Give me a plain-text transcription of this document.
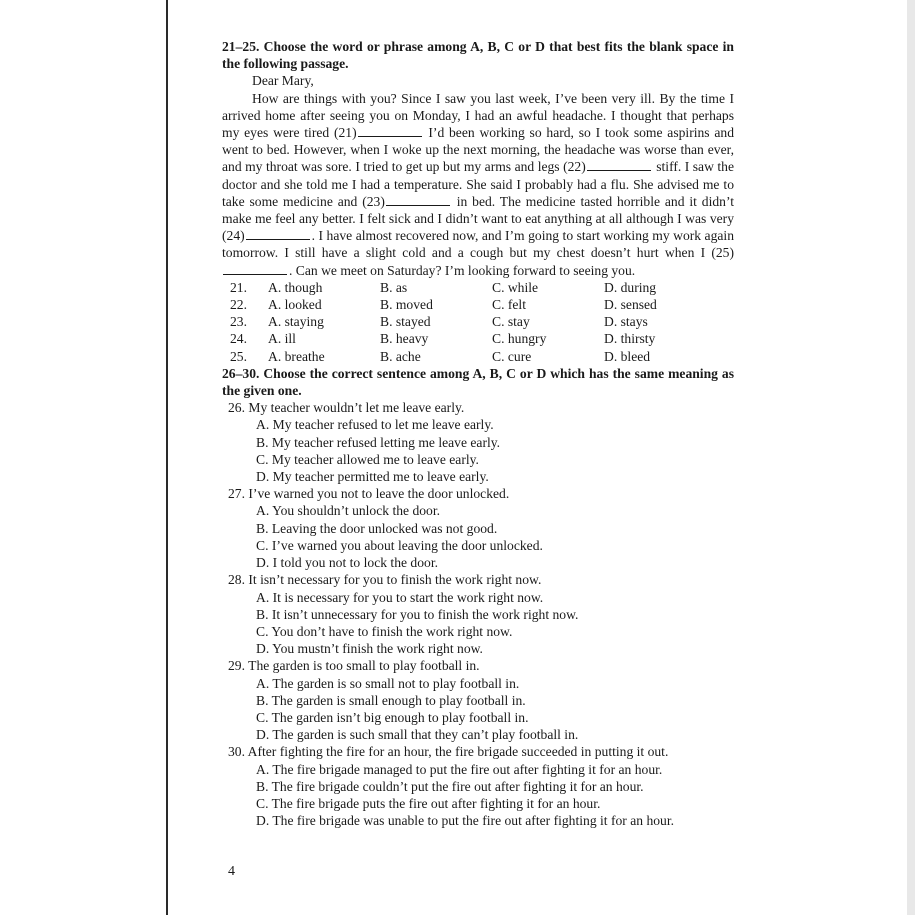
21–25. Choose the word or phrase among A, B, C or D that best fits the blank space in the following passage.
Dear Mary,
How are things with you? Since I saw you last week, I’ve been very ill. By the time I arrived home after seeing you on Monday, I had an awful headache. I thought that perhaps my eyes were tired (21)	I’d been working so hard, so I took some aspirins and went to bed. However, when I woke up the next morning, the headache was worse than ever, and my throat was sore. I tried to get up but my arms and legs (22)	stiff. I saw the doctor and she told me I had a temperature. She said I probably had a flu. She advised me to take some medicine and (23)	in bed. The medicine tasted horrible and it didn’t make me feel any better. I felt sick and I didn’t want to eat anything at all although I was very (24)	. I have almost recovered now, and I’m going to start working my work again tomorrow. I still have a slight cold and a cough but my chest doesn’t hurt when I (25). Can we meet on Saturday? I’m looking forward to seeing you.
21.	A. though	B. as	C. while	D. during
22.	A. looked	B. moved	C. felt	D. sensed
23.	A. staying	B. stayed	C. stay	D. stays
24.	A. ill	B. heavy	C. hungry	D. thirsty
25.	A. breathe	B. ache	C. cure	D. bleed
26–30. Choose the correct sentence among A, B, C or D which has the same meaning as the given one.
26. My teacher wouldn’t let me leave early.
A. My teacher refused to let me leave early.
B. My teacher refused letting me leave early.
C. My teacher allowed me to leave early.
D. My teacher permitted me to leave early.
27. I’ve warned you not to leave the door unlocked.
A. You shouldn’t unlock the door.
B. Leaving the door unlocked was not good.
C. I’ve warned you about leaving the door unlocked.
D. I told you not to lock the door.
28. It isn’t necessary for you to finish the work right now.
A. It is necessary for you to start the work right now.
B. It isn’t unnecessary for you to finish the work right now.
C. You don’t have to finish the work right now.
D. You mustn’t finish the work right now.
29. The garden is too small to play football in.
A. The garden is so small not to play football in.
B. The garden is small enough to play football in.
C. The garden isn’t big enough to play football in.
D. The garden is such small that they can’t play football in.
30. After fighting the fire for an hour, the fire brigade succeeded in putting it out.
A. The fire brigade managed to put the fire out after fighting it for an hour.
B. The fire brigade couldn’t put the fire out after fighting it for an hour.
C. The fire brigade puts the fire out after fighting it for an hour.
D. The fire brigade was unable to put the fire out after fighting it for an hour.
4
